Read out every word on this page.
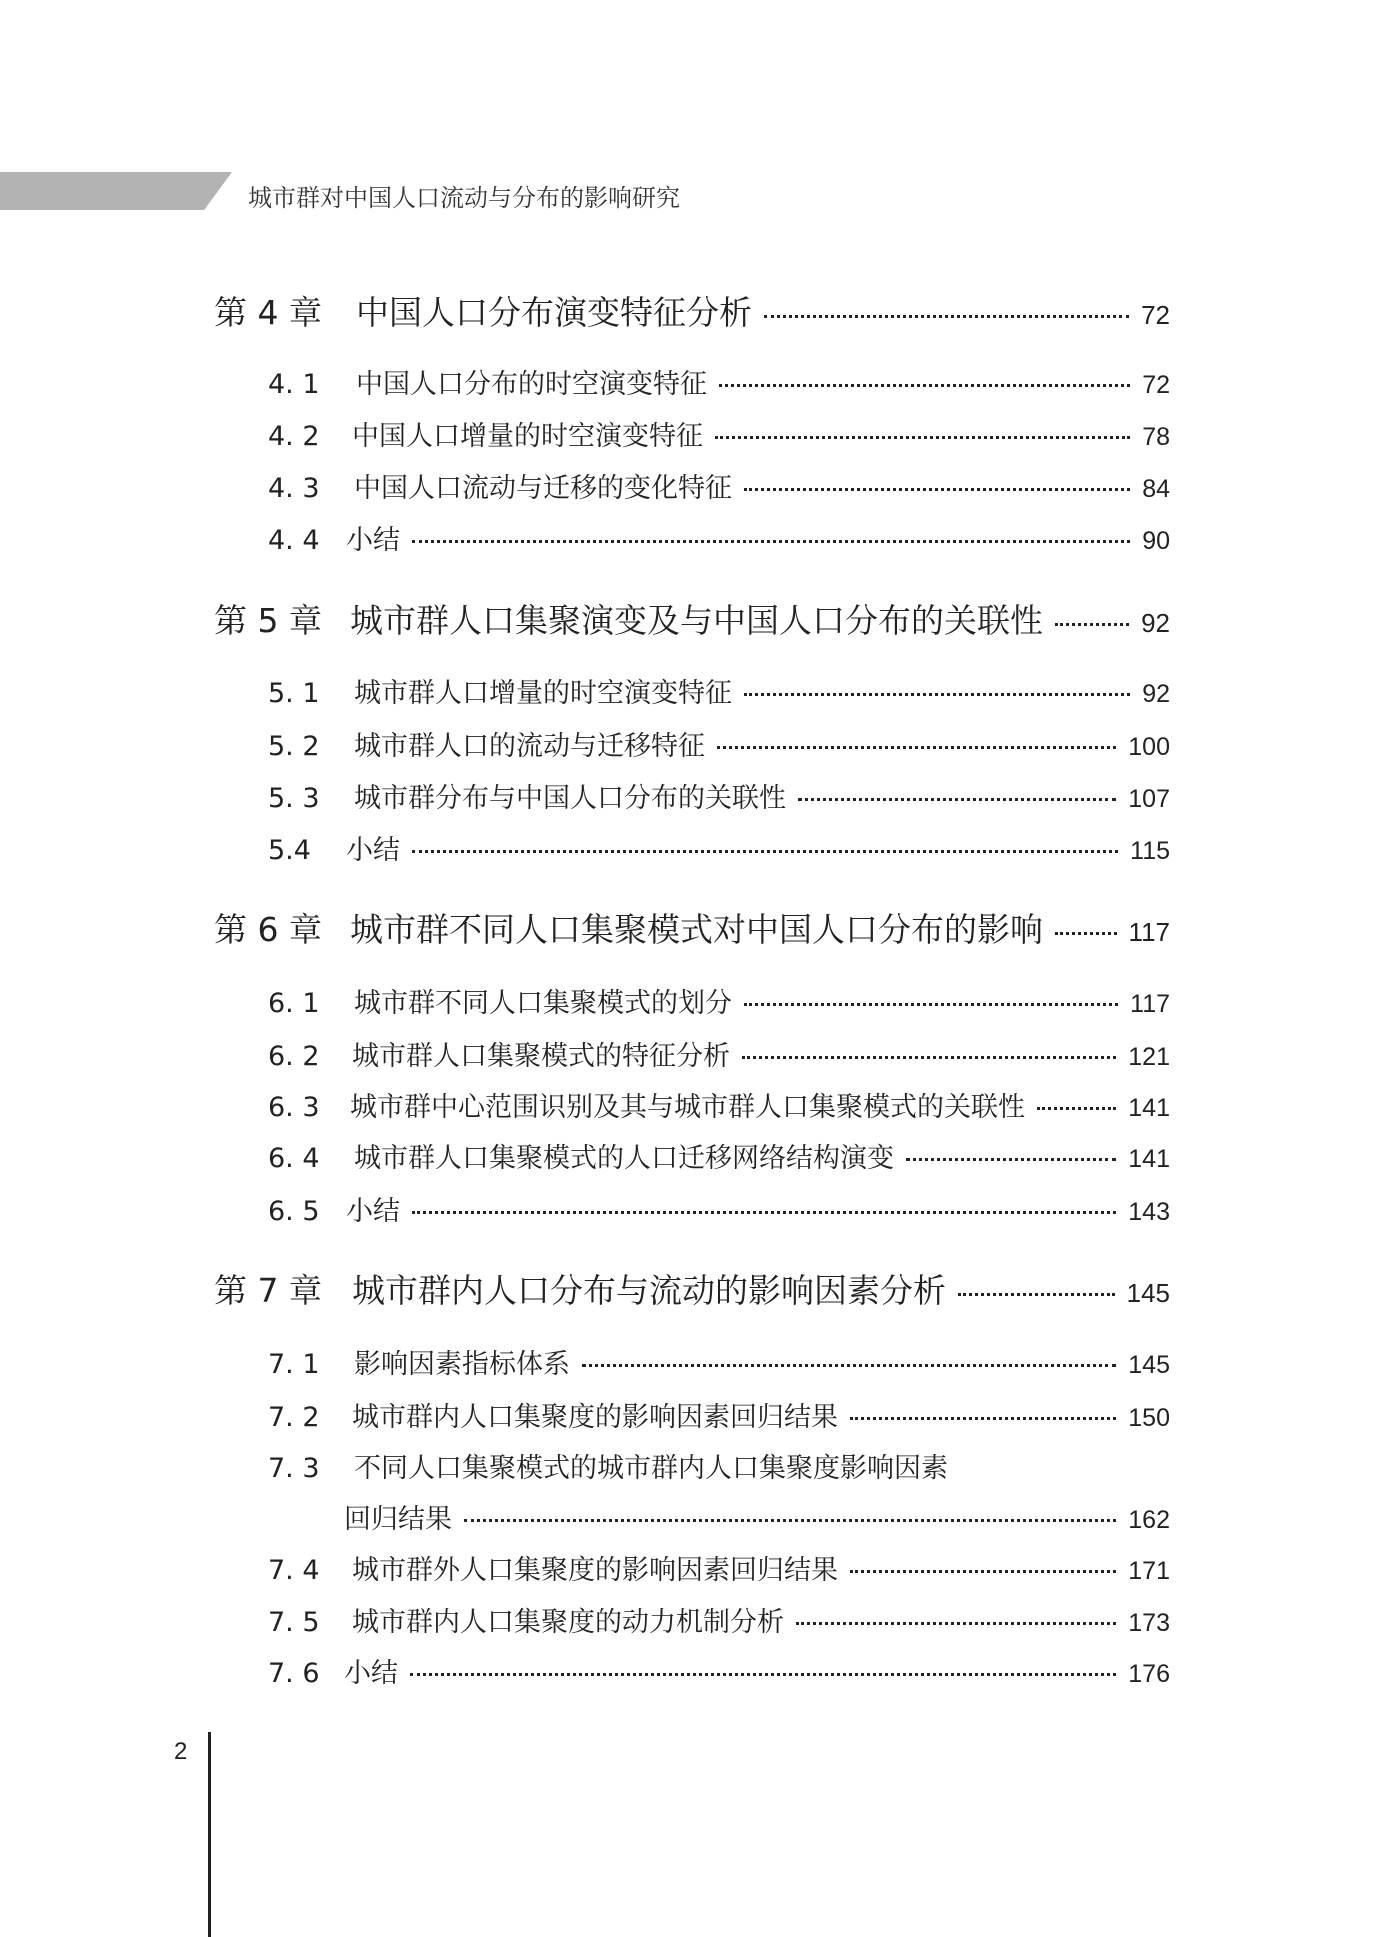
城市群对中国人口流动与分布的影响研究
第 4 章	中国人口分布演变特征分析	72
4. 1	中国人口分布的时空演变特征	72
4. 2	中国人口增量的时空演变特征	78
4. 3	中国人口流动与迁移的变化特征	84
4. 4 小结	90
第 5 章 城市群人口集聚演变及与中国人口分布的关联性	92
5. 1	城市群人口增量的时空演变特征	92
5. 2	城市群人口的流动与迁移特征	100
5. 3	城市群分布与中国人口分布的关联性	107
5.4	小结	115
第 6 章 城市群不同人口集聚模式对中国人口分布的影响	117
6. 1	城市群不同人口集聚模式的划分	117
6. 2	城市群人口集聚模式的特征分析	121
6. 3	城市群中心范围识别及其与城市群人口集聚模式的关联性	141
6. 4	城市群人口集聚模式的人口迁移网络结构演变	141
6. 5 小结	143
第 7 章 城市群内人口分布与流动的影响因素分析	145
7. 1	影响因素指标体系	145
7. 2	城市群内人口集聚度的影响因素回归结果	150
7. 3	不同人口集聚模式的城市群内人口集聚度影响因素
回归结果	162
7. 4	城市群外人口集聚度的影响因素回归结果	171
7. 5	城市群内人口集聚度的动力机制分析	173
7. 6 小结	176
2
